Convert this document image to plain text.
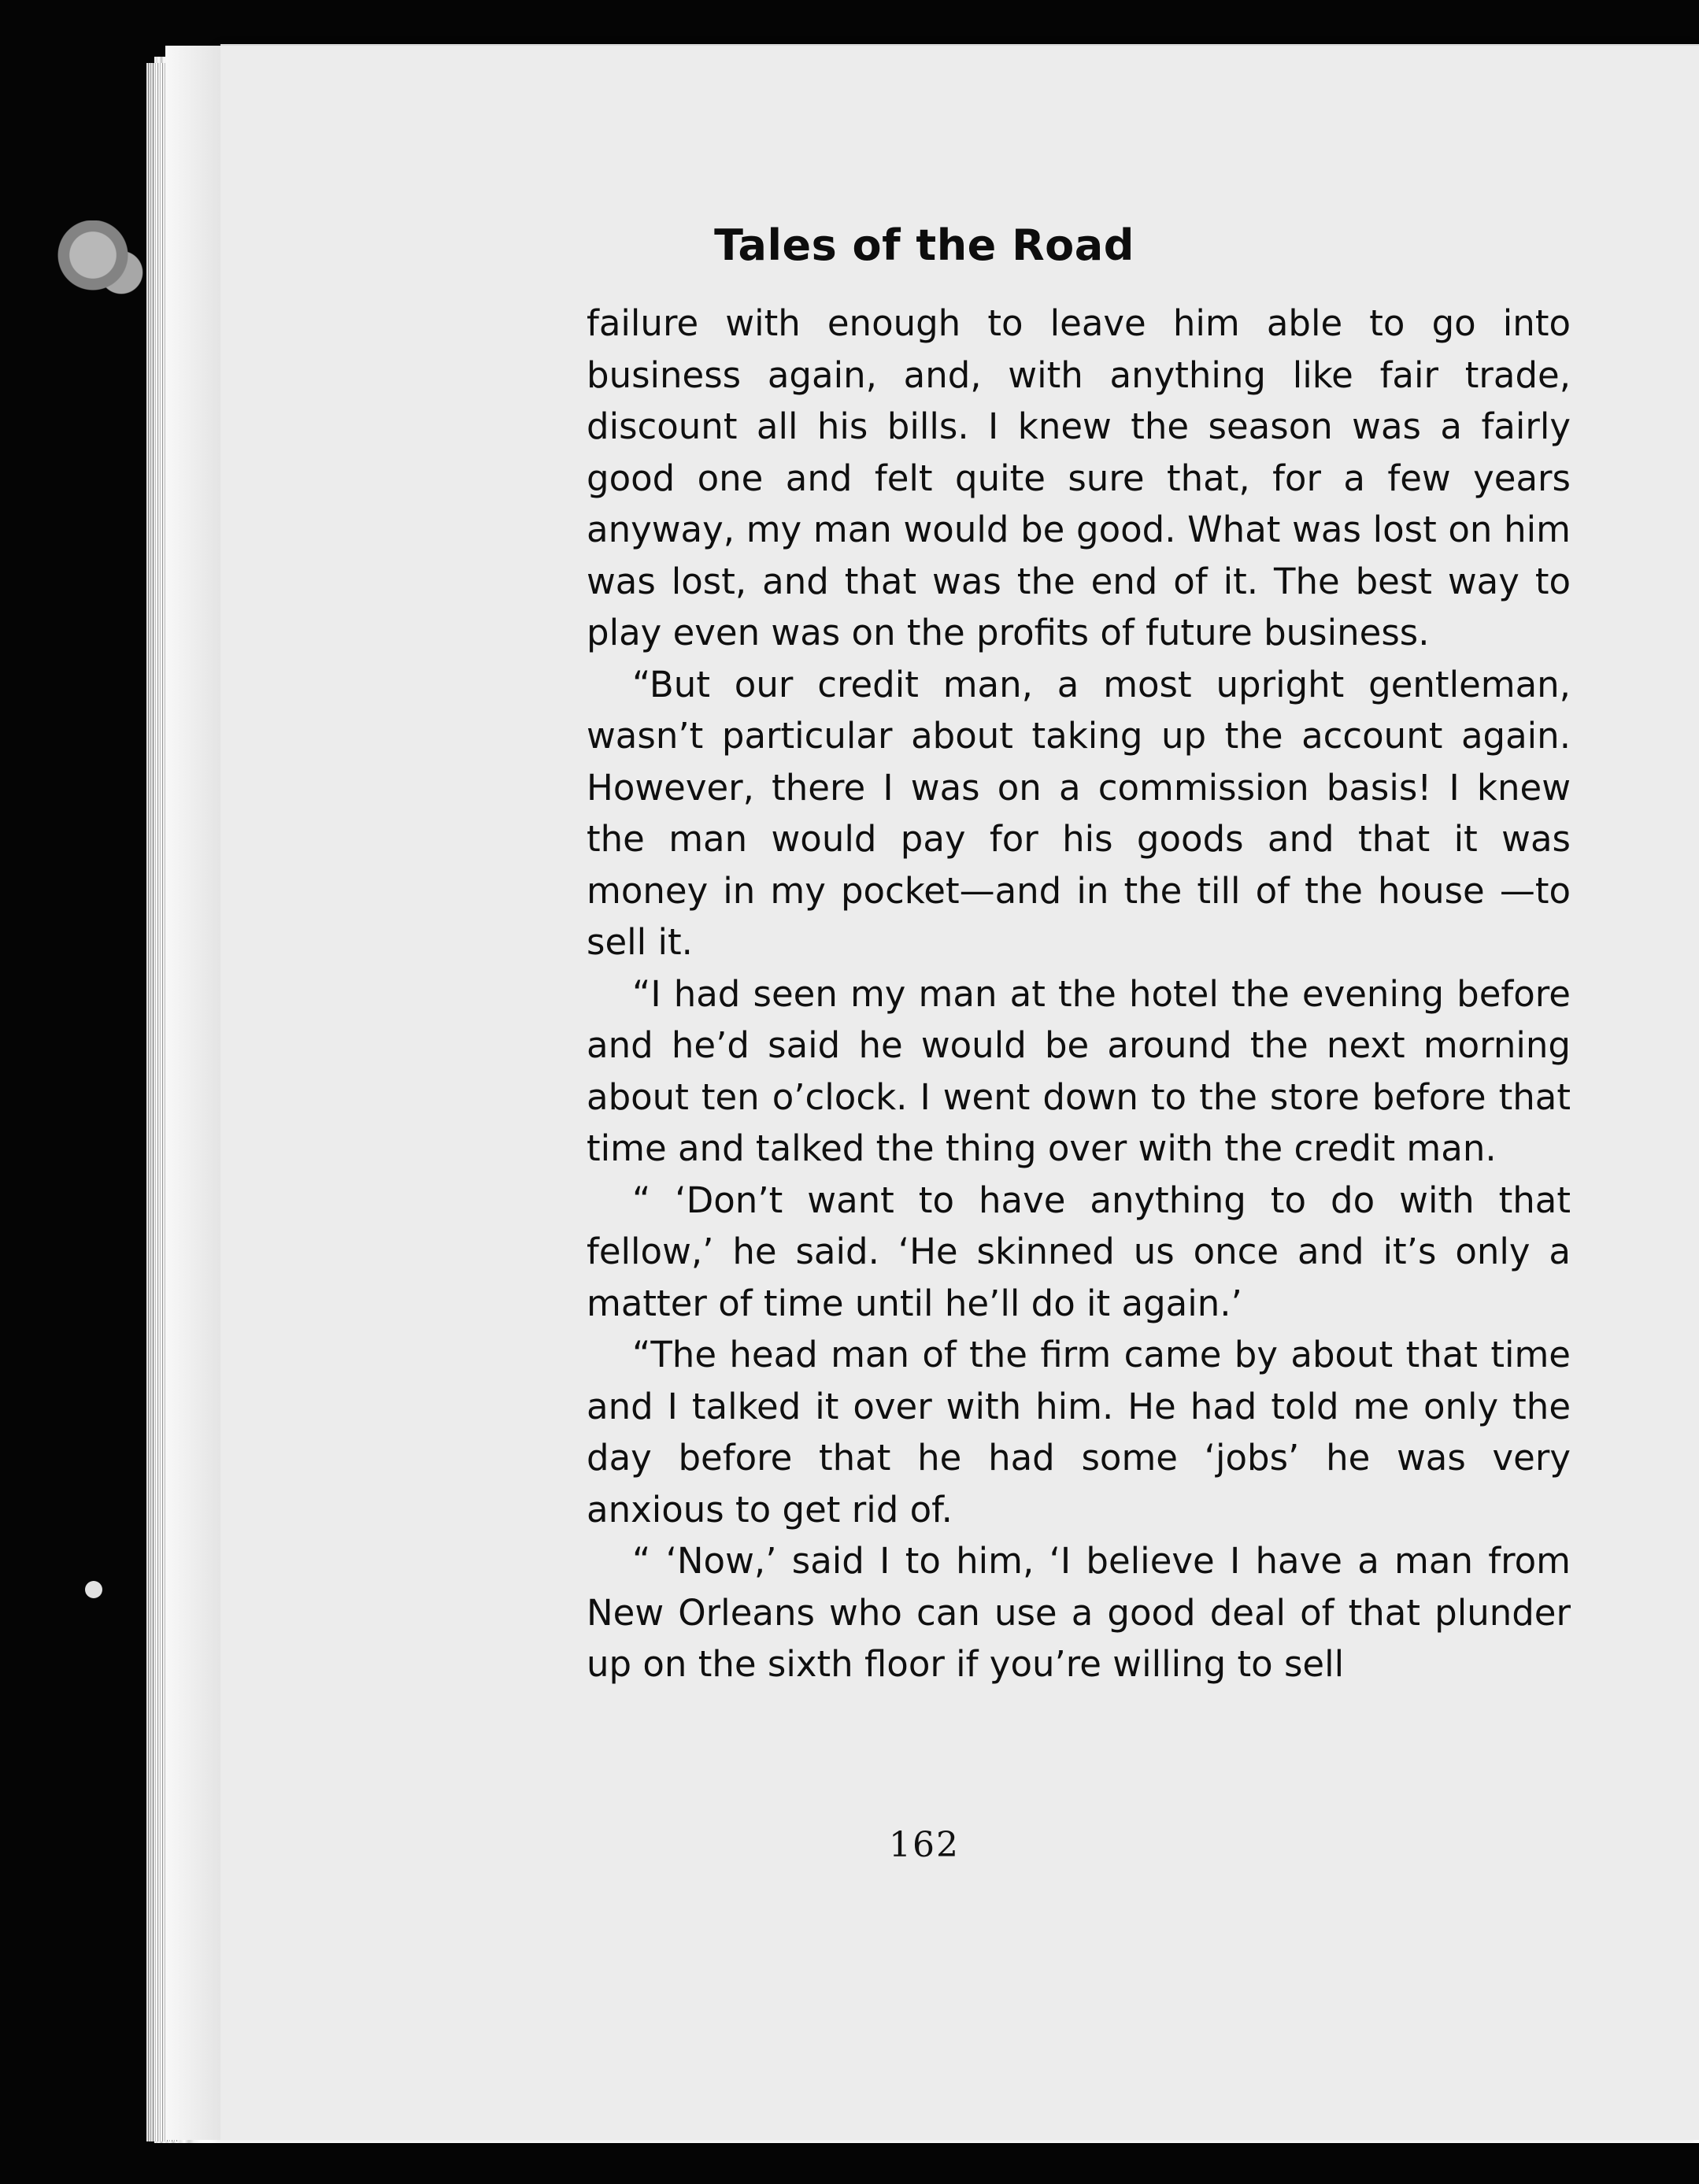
Tales of the Road

failure with enough to leave him able to go into business again, and, with anything like fair trade, discount all his bills. I knew the season was a fairly good one and felt quite sure that, for a few years anyway, my man would be good. What was lost on him was lost, and that was the end of it. The best way to play even was on the profits of future business.

“But our credit man, a most upright gentleman, wasn’t particular about taking up the account again. However, there I was on a commission basis! I knew the man would pay for his goods and that it was money in my pocket—and in the till of the house —to sell it.

“I had seen my man at the hotel the evening before and he’d said he would be around the next morning about ten o’clock. I went down to the store before that time and talked the thing over with the credit man.

“ ‘Don’t want to have anything to do with that fellow,’ he said. ‘He skinned us once and it’s only a matter of time until he’ll do it again.’

“The head man of the firm came by about that time and I talked it over with him. He had told me only the day before that he had some ‘jobs’ he was very anxious to get rid of.

“ ‘Now,’ said I to him, ‘I believe I have a man from New Orleans who can use a good deal of that plunder up on the sixth floor if you’re willing to sell

162
